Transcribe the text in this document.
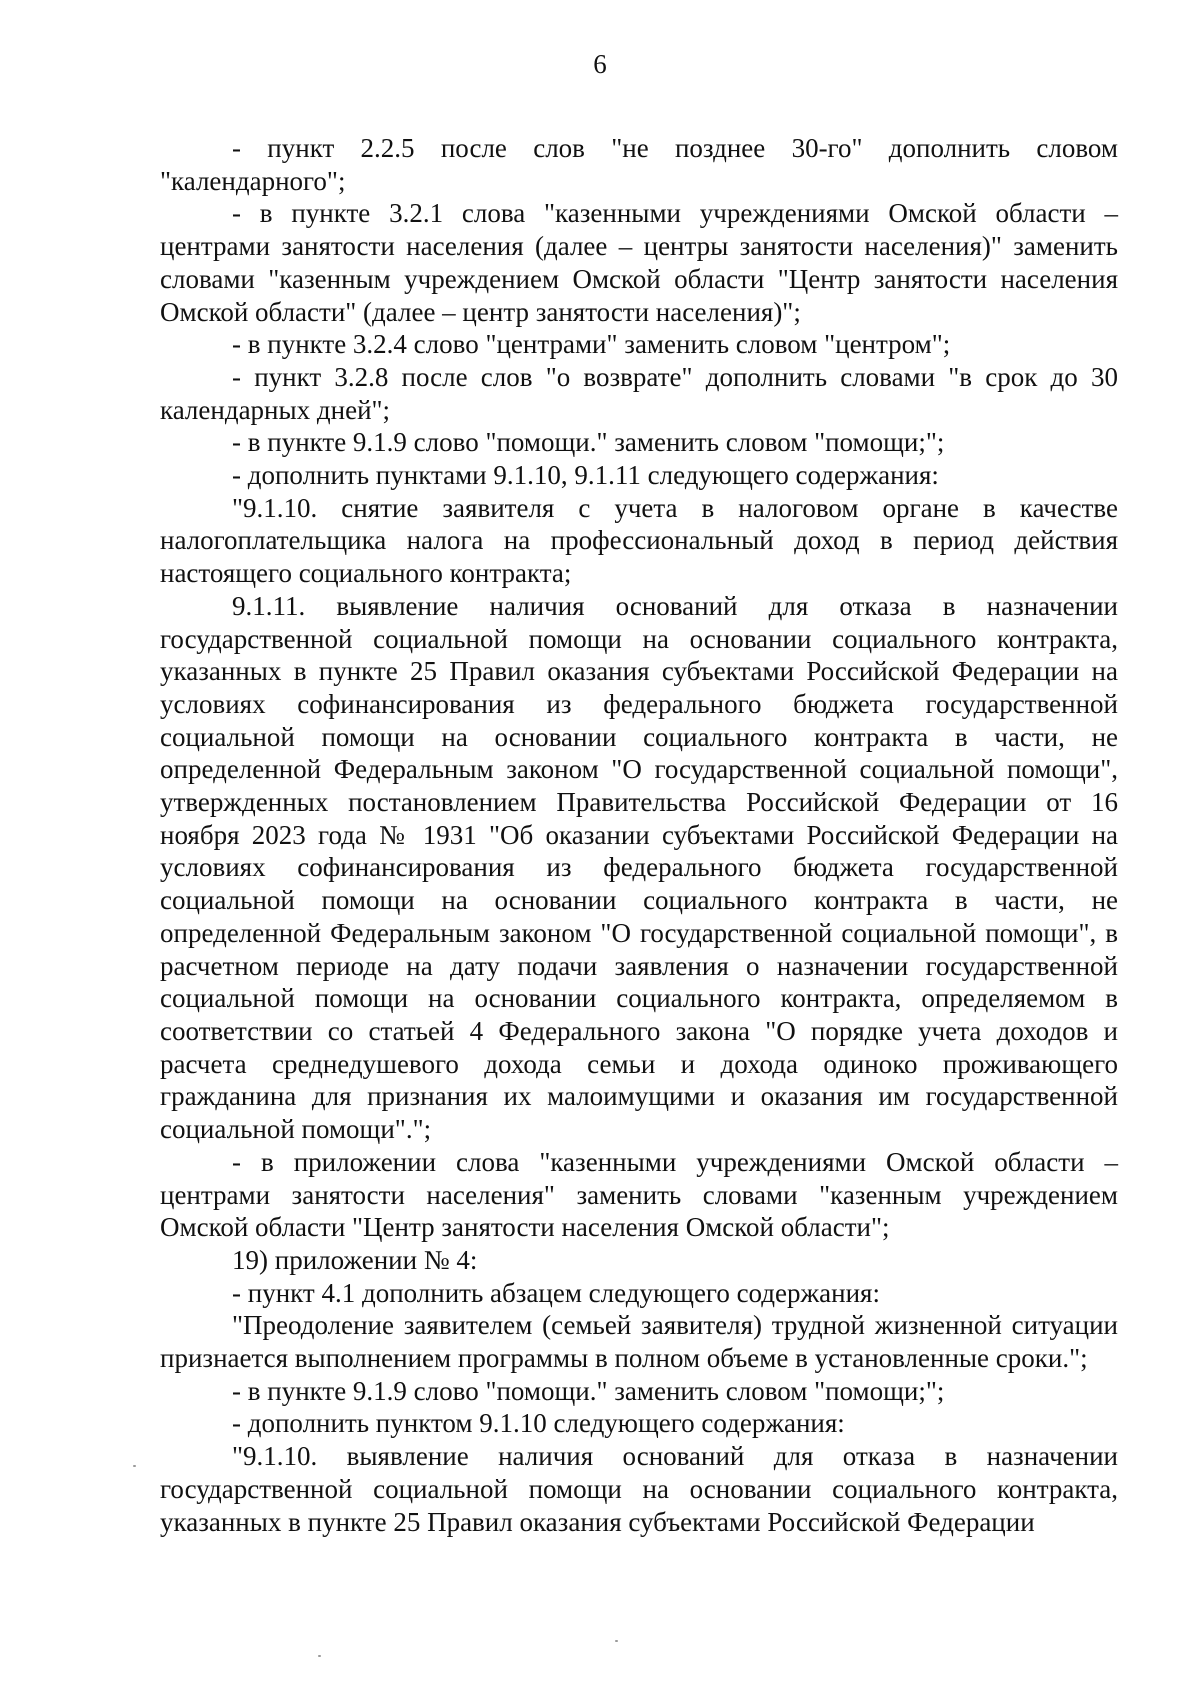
6

- пункт 2.2.5 после слов "не позднее 30-го" дополнить словом "календарного";

- в пункте 3.2.1 слова "казенными учреждениями Омской области – центрами занятости населения (далее – центры занятости населения)" заменить словами "казенным учреждением Омской области "Центр занятости населения Омской области" (далее – центр занятости населения)";

- в пункте 3.2.4 слово "центрами" заменить словом "центром";

- пункт 3.2.8 после слов "о возврате" дополнить словами "в срок до 30 календарных дней";

- в пункте 9.1.9 слово "помощи." заменить словом "помощи;";

- дополнить пунктами 9.1.10, 9.1.11 следующего содержания:

"9.1.10. снятие заявителя с учета в налоговом органе в качестве налогоплательщика налога на профессиональный доход в период действия настоящего социального контракта;

9.1.11. выявление наличия оснований для отказа в назначении государственной социальной помощи на основании социального контракта, указанных в пункте 25 Правил оказания субъектами Российской Федерации на условиях софинансирования из федерального бюджета государственной социальной помощи на основании социального контракта в части, не определенной Федеральным законом "О государственной социальной помощи", утвержденных постановлением Правительства Российской Федерации от 16 ноября 2023 года № 1931 "Об оказании субъектами Российской Федерации на условиях софинансирования из федерального бюджета государственной социальной помощи на основании социального контракта в части, не определенной Федеральным законом "О государственной социальной помощи", в расчетном периоде на дату подачи заявления о назначении государственной социальной помощи на основании социального контракта, определяемом в соответствии со статьей 4 Федерального закона "О порядке учета доходов и расчета среднедушевого дохода семьи и дохода одиноко проживающего гражданина для признания их малоимущими и оказания им государственной социальной помощи".";

- в приложении слова "казенными учреждениями Омской области – центрами занятости населения" заменить словами "казенным учреждением Омской области "Центр занятости населения Омской области";

19) приложении № 4:

- пункт 4.1 дополнить абзацем следующего содержания:

"Преодоление заявителем (семьей заявителя) трудной жизненной ситуации признается выполнением программы в полном объеме в установленные сроки.";

- в пункте 9.1.9 слово "помощи." заменить словом "помощи;";

- дополнить пунктом 9.1.10 следующего содержания:

"9.1.10. выявление наличия оснований для отказа в назначении государственной социальной помощи на основании социального контракта, указанных в пункте 25 Правил оказания субъектами Российской Федерации
